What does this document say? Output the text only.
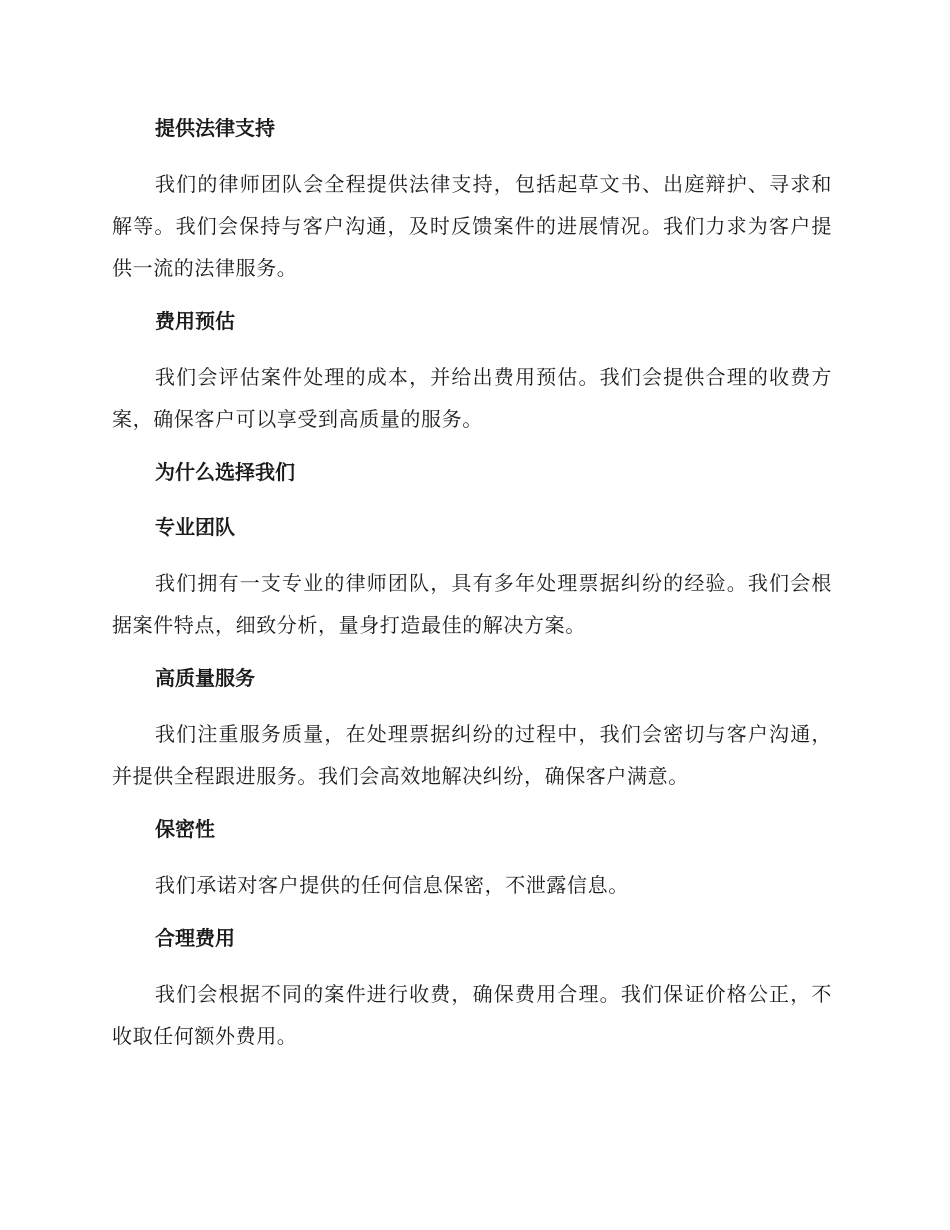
提供法律支持

我们的律师团队会全程提供法律支持，包括起草文书、出庭辩护、寻求和解等。我们会保持与客户沟通，及时反馈案件的进展情况。我们力求为客户提供一流的法律服务。

费用预估

我们会评估案件处理的成本，并给出费用预估。我们会提供合理的收费方案，确保客户可以享受到高质量的服务。

为什么选择我们
专业团队

我们拥有一支专业的律师团队，具有多年处理票据纠纷的经验。我们会根据案件特点，细致分析，量身打造最佳的解决方案。

高质量服务

我们注重服务质量，在处理票据纠纷的过程中，我们会密切与客户沟通，并提供全程跟进服务。我们会高效地解决纠纷，确保客户满意。

保密性

我们承诺对客户提供的任何信息保密，不泄露信息。

合理费用

我们会根据不同的案件进行收费，确保费用合理。我们保证价格公正，不收取任何额外费用。
